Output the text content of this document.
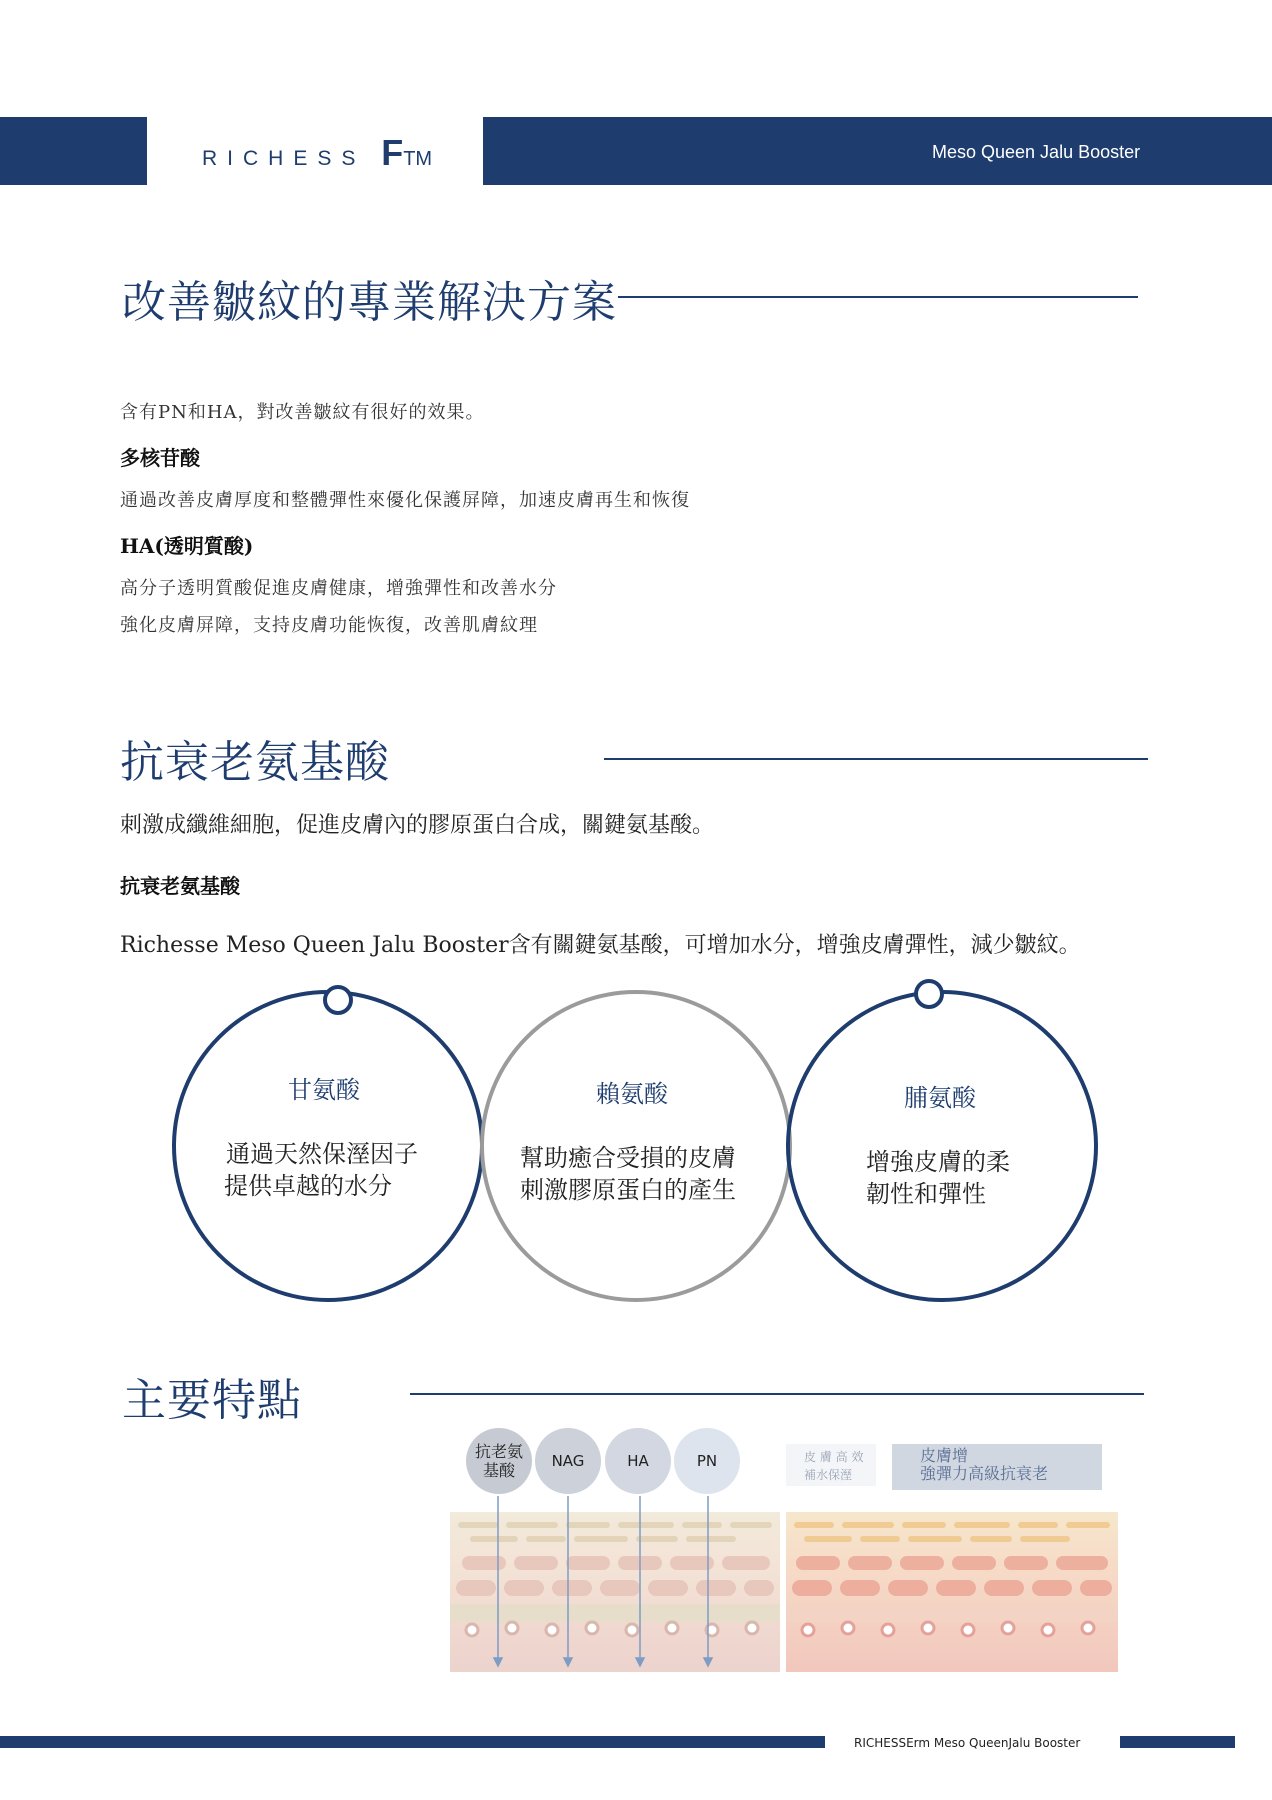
RICHESS FTM	Meso Queen Jalu Booster
改善皺紋的專業解決方案
含有PN和HA，對改善皺紋有很好的效果。
多核苷酸
通過改善皮膚厚度和整體彈性來優化保護屏障，加速皮膚再生和恢復
HA(透明質酸)
高分子透明質酸促進皮膚健康，增強彈性和改善水分
強化皮膚屏障，支持皮膚功能恢復，改善肌膚紋理
抗衰老氨基酸
刺激成纖維細胞，促進皮膚內的膠原蛋白合成，關鍵氨基酸。
抗衰老氨基酸
Richesse Meso Queen Jalu Booster含有關鍵氨基酸，可增加水分，增強皮膚彈性，減少皺紋。
甘氨酸
通過天然保溼因子
提供卓越的水分
賴氨酸
幫助癒合受損的皮膚
刺激膠原蛋白的產生
脯氨酸
增強皮膚的柔
韌性和彈性
主要特點
抗老氨
基酸	NAG	HA	PN	皮 膚 高 效
補水保溼
皮膚增
強彈力高級抗衰老
RICHESSErm Meso QueenJalu Booster
